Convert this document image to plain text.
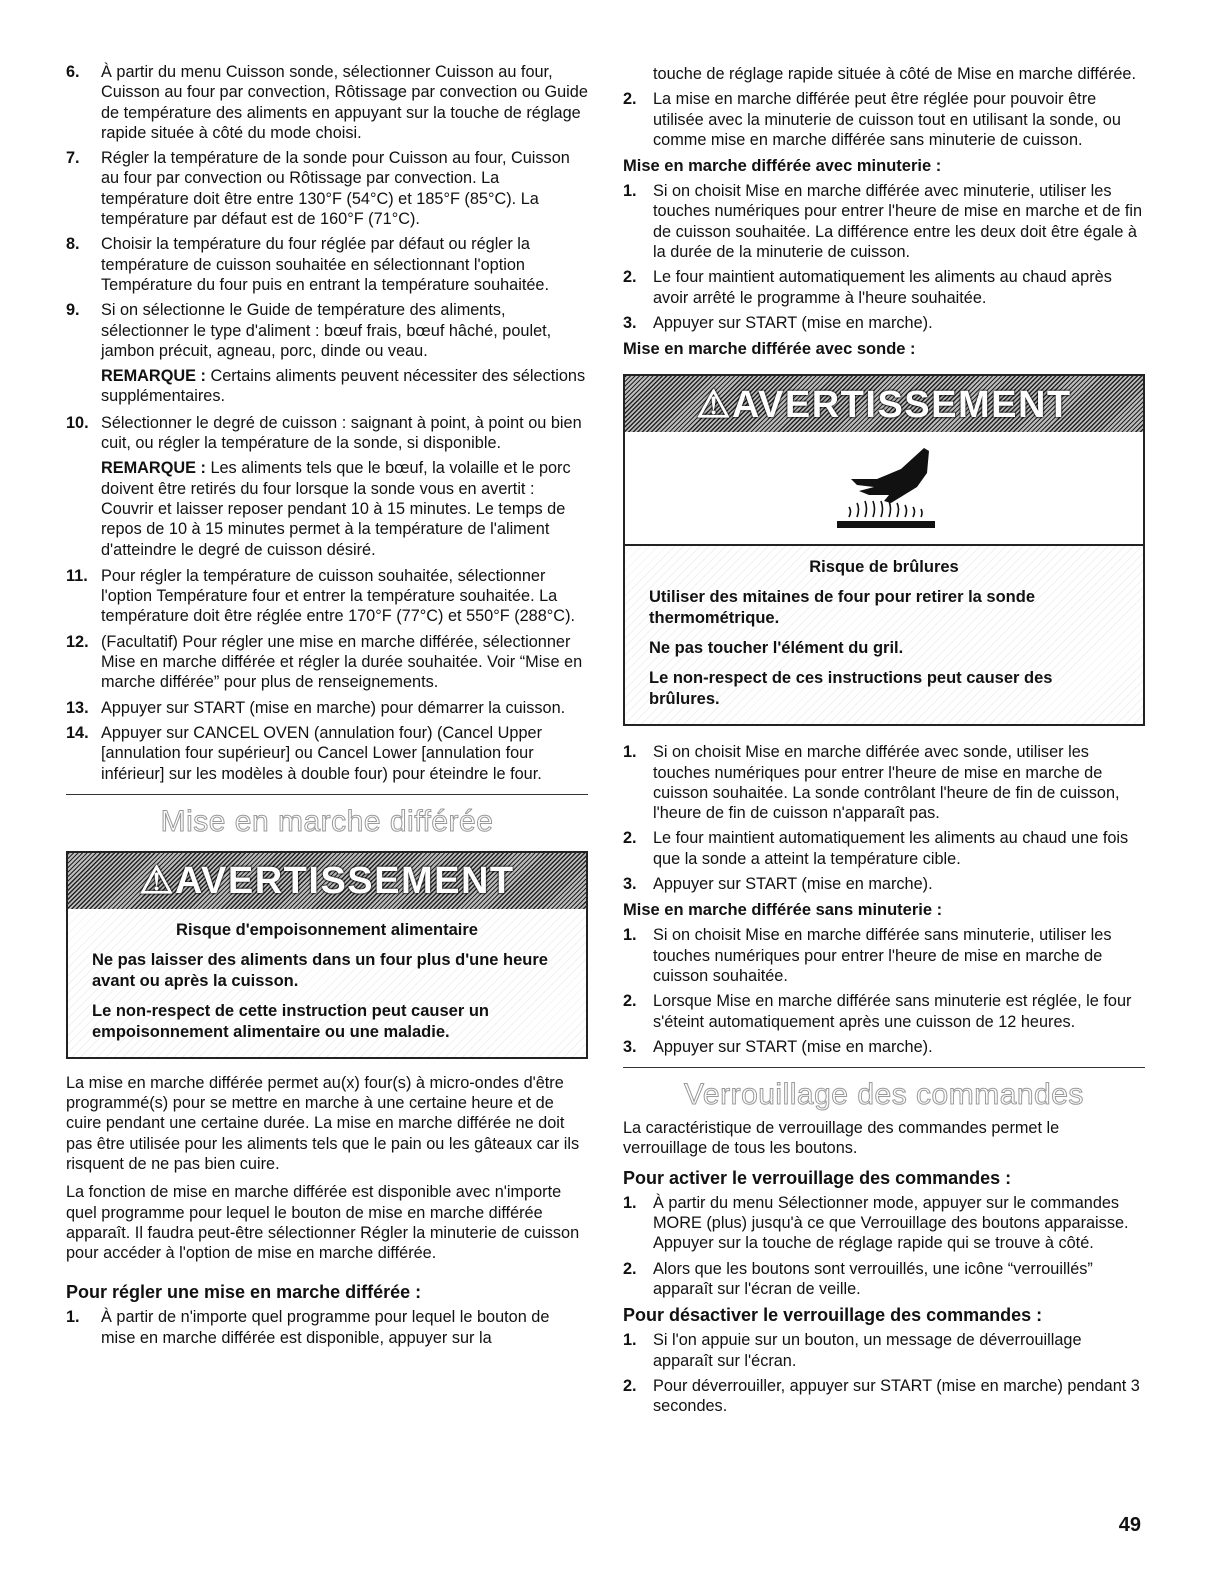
6. À partir du menu Cuisson sonde, sélectionner Cuisson au four, Cuisson au four par convection, Rôtissage par convection ou Guide de température des aliments en appuyant sur la touche de réglage rapide située à côté du mode choisi.
7. Régler la température de la sonde pour Cuisson au four, Cuisson au four par convection ou Rôtissage par convection. La température doit être entre 130°F (54°C) et 185°F (85°C). La température par défaut est de 160°F (71°C).
8. Choisir la température du four réglée par défaut ou régler la température de cuisson souhaitée en sélectionnant l'option Température du four puis en entrant la température souhaitée.
9. Si on sélectionne le Guide de température des aliments, sélectionner le type d'aliment : bœuf frais, bœuf hâché, poulet, jambon précuit, agneau, porc, dinde ou veau.
REMARQUE : Certains aliments peuvent nécessiter des sélections supplémentaires.
10. Sélectionner le degré de cuisson : saignant à point, à point ou bien cuit, ou régler la température de la sonde, si disponible.
REMARQUE : Les aliments tels que le bœuf, la volaille et le porc doivent être retirés du four lorsque la sonde vous en avertit : Couvrir et laisser reposer pendant 10 à 15 minutes. Le temps de repos de 10 à 15 minutes permet à la température de l'aliment d'atteindre le degré de cuisson désiré.
11. Pour régler la température de cuisson souhaitée, sélectionner l'option Température four et entrer la température souhaitée. La température doit être réglée entre 170°F (77°C) et 550°F (288°C).
12. (Facultatif) Pour régler une mise en marche différée, sélectionner Mise en marche différée et régler la durée souhaitée. Voir “Mise en marche différée” pour plus de renseignements.
13. Appuyer sur START (mise en marche) pour démarrer la cuisson.
14. Appuyer sur CANCEL OVEN (annulation four) (Cancel Upper [annulation four supérieur] ou Cancel Lower [annulation four inférieur] sur les modèles à double four) pour éteindre le four.
Mise en marche différée
⚠AVERTISSEMENT

Risque d'empoisonnement alimentaire

Ne pas laisser des aliments dans un four plus d'une heure avant ou après la cuisson.

Le non-respect de cette instruction peut causer un empoisonnement alimentaire ou une maladie.

La mise en marche différée permet au(x) four(s) à micro-ondes d'être programmé(s) pour se mettre en marche à une certaine heure et de cuire pendant une certaine durée. La mise en marche différée ne doit pas être utilisée pour les aliments tels que le pain ou les gâteaux car ils risquent de ne pas bien cuire.

La fonction de mise en marche différée est disponible avec n'importe quel programme pour lequel le bouton de mise en marche différée apparaît. Il faudra peut-être sélectionner Régler la minuterie de cuisson pour accéder à l'option de mise en marche différée.

Pour régler une mise en marche différée :

1. À partir de n'importe quel programme pour lequel le bouton de mise en marche différée est disponible, appuyer sur la
touche de réglage rapide située à côté de Mise en marche différée.
2. La mise en marche différée peut être réglée pour pouvoir être utilisée avec la minuterie de cuisson tout en utilisant la sonde, ou comme mise en marche différée sans minuterie de cuisson.

Mise en marche différée avec minuterie :

1. Si on choisit Mise en marche différée avec minuterie, utiliser les touches numériques pour entrer l'heure de mise en marche et de fin de cuisson souhaitée. La différence entre les deux doit être égale à la durée de la minuterie de cuisson.
2. Le four maintient automatiquement les aliments au chaud après avoir arrêté le programme à l'heure souhaitée.
3. Appuyer sur START (mise en marche).

Mise en marche différée avec sonde :

⚠AVERTISSEMENT

Risque de brûlures

Utiliser des mitaines de four pour retirer la sonde thermométrique.

Ne pas toucher l'élément du gril.

Le non-respect de ces instructions peut causer des brûlures.

1. Si on choisit Mise en marche différée avec sonde, utiliser les touches numériques pour entrer l'heure de mise en marche de cuisson souhaitée. La sonde contrôlant l'heure de fin de cuisson, l'heure de fin de cuisson n'apparaît pas.
2. Le four maintient automatiquement les aliments au chaud une fois que la sonde a atteint la température cible.
3. Appuyer sur START (mise en marche).

Mise en marche différée sans minuterie :

1. Si on choisit Mise en marche différée sans minuterie, utiliser les touches numériques pour entrer l'heure de mise en marche de cuisson souhaitée.
2. Lorsque Mise en marche différée sans minuterie est réglée, le four s'éteint automatiquement après une cuisson de 12 heures.
3. Appuyer sur START (mise en marche).
Verrouillage des commandes

La caractéristique de verrouillage des commandes permet le verrouillage de tous les boutons.

Pour activer le verrouillage des commandes :

1. À partir du menu Sélectionner mode, appuyer sur le commandes MORE (plus) jusqu'à ce que Verrouillage des boutons apparaisse. Appuyer sur la touche de réglage rapide qui se trouve à côté.
2. Alors que les boutons sont verrouillés, une icône “verrouillés” apparaît sur l'écran de veille.

Pour désactiver le verrouillage des commandes :

1. Si l'on appuie sur un bouton, un message de déverrouillage apparaît sur l'écran.
2. Pour déverrouiller, appuyer sur START (mise en marche) pendant 3 secondes.
49
